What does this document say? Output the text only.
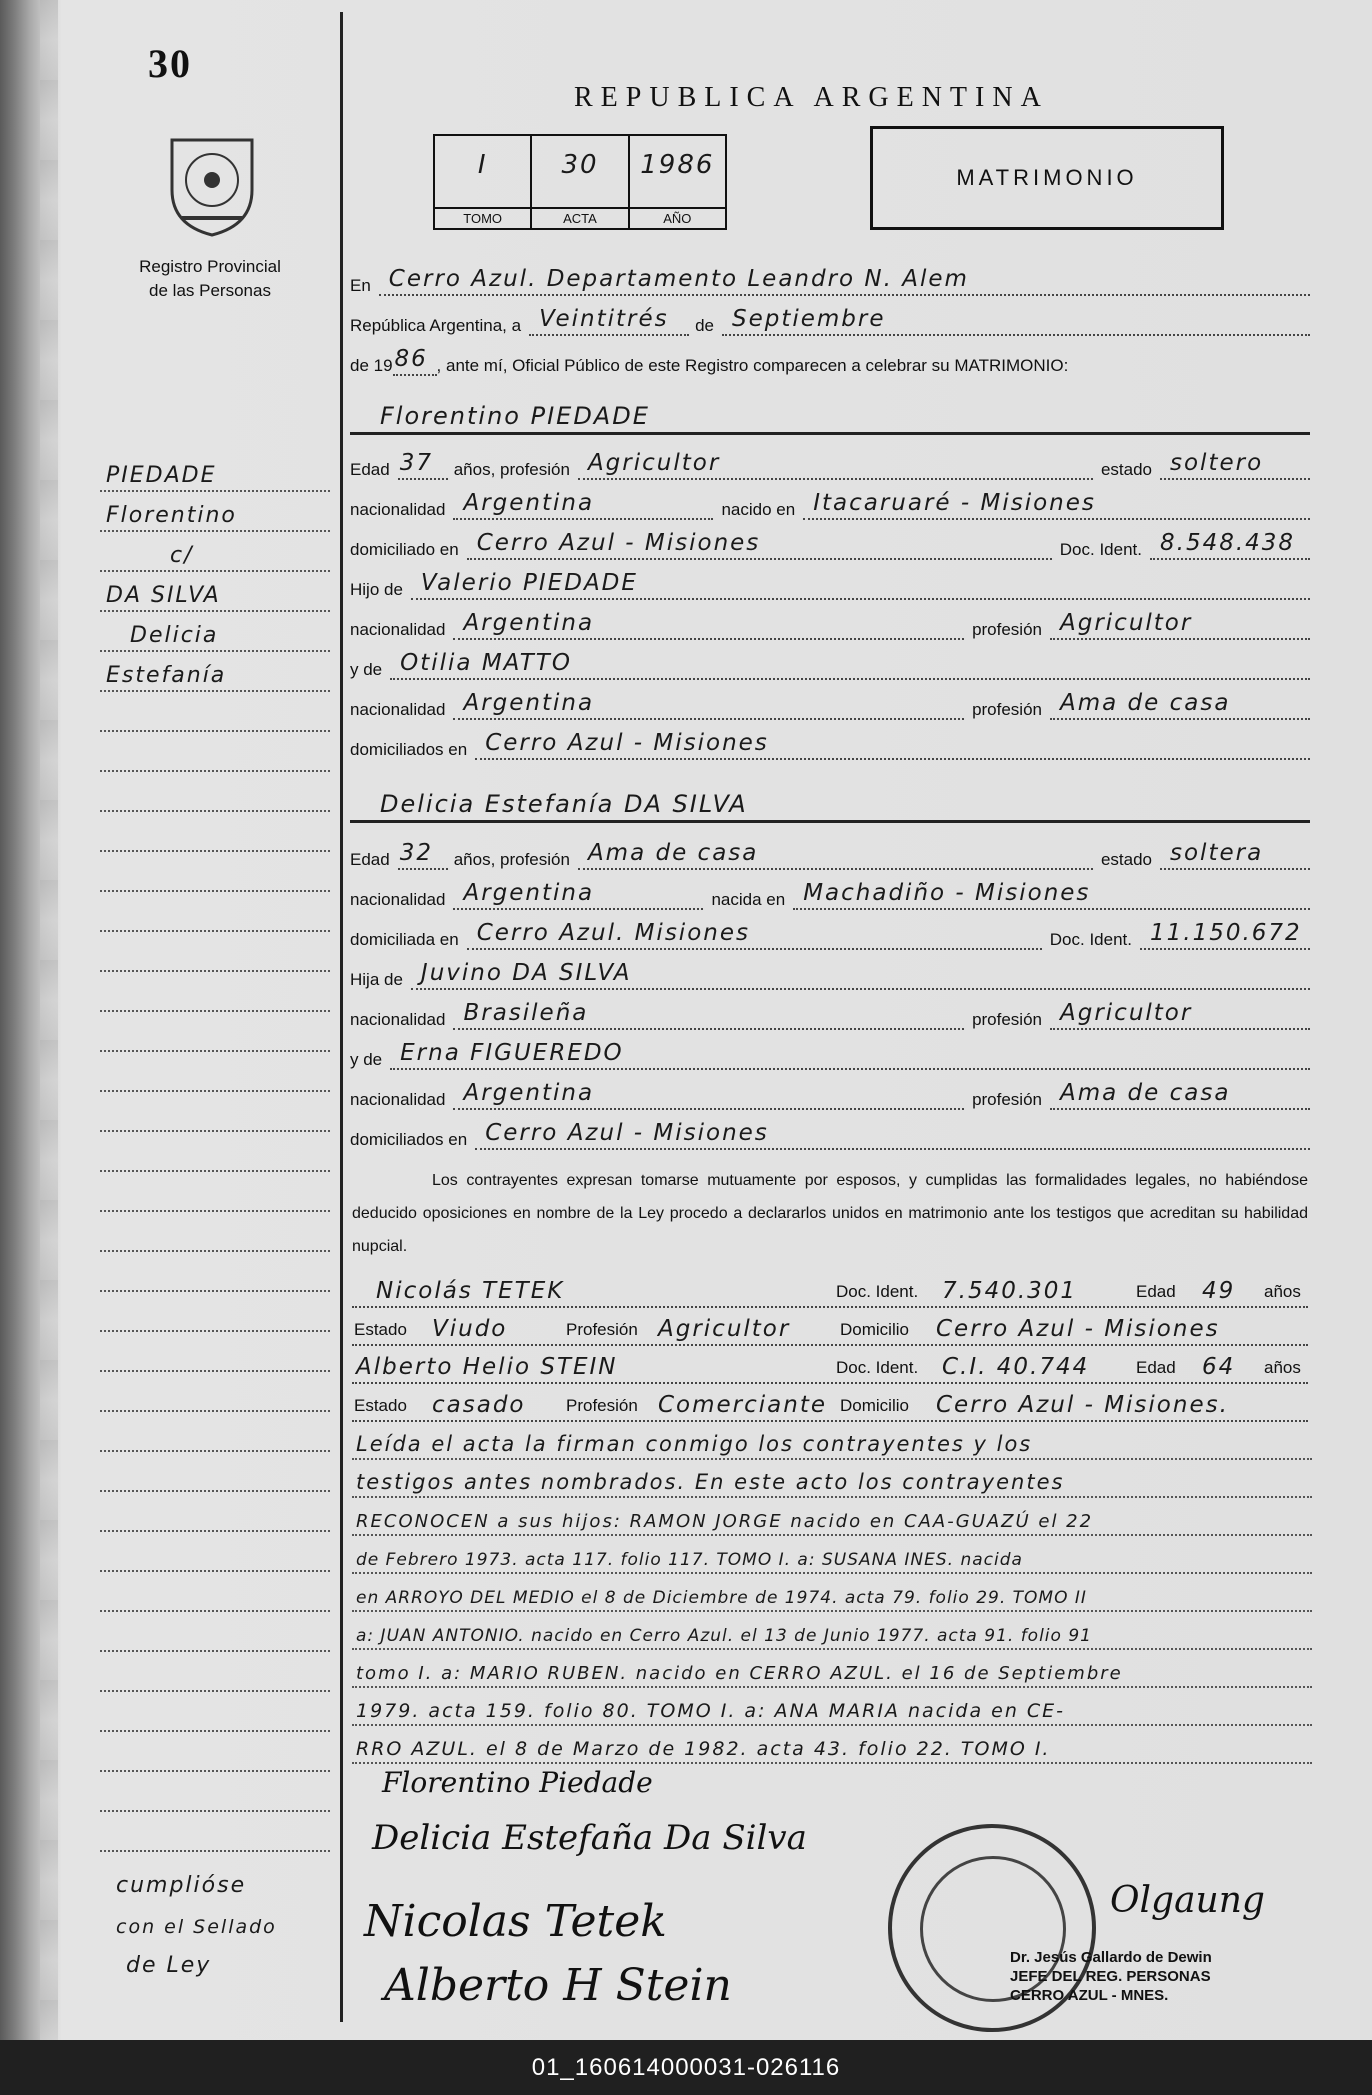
30
Registro Provincial
de las Personas
REPUBLICA ARGENTINA
I
TOMO
30
ACTA
1986
AÑO
MATRIMONIO
En Cerro Azul. Departamento Leandro N. Alem
República Argentina, a Veintitrés de Septiembre
de 19 86 , ante mí, Oficial Público de este Registro comparecen a celebrar su MATRIMONIO:
Florentino PIEDADE
Edad 37 años, profesión Agricultor	estado soltero
nacionalidad Argentina	nacido en Itacaruaré - Misiones
domiciliado en Cerro Azul - Misiones	Doc. Ident. 8.548.438
Hijo de Valerio PIEDADE
nacionalidad Argentina	profesión Agricultor
y de Otilia MATTO
nacionalidad Argentina	profesión Ama de casa
domiciliados en Cerro Azul - Misiones
Delicia Estefanía DA SILVA
Edad 32 años, profesión Ama de casa	estado soltera
nacionalidad Argentina	nacida en Machadiño - Misiones
domiciliada en Cerro Azul. Misiones	Doc. Ident. 11.150.672
Hija de Juvino DA SILVA
nacionalidad Brasileña	profesión Agricultor
y de Erna FIGUEREDO
nacionalidad Argentina	profesión Ama de casa
domiciliados en Cerro Azul - Misiones
Los contrayentes expresan tomarse mutuamente por esposos, y cumplidas las formalidades legales, no habiéndose deducido oposiciones en nombre de la Ley procedo a declararlos unidos en matrimonio ante los testigos que acreditan su habilidad nupcial.
Nicolás TETEK	Doc. Ident. 7.540.301	Edad 49 años
Estado Viudo	Profesión Agricultor	Domicilio Cerro Azul - Misiones
Alberto Helio STEIN	Doc. Ident. C.I. 40.744	Edad 64 años
Estado casado Profesión Comerciante Domicilio Cerro Azul - Misiones.
Leída el acta la firman conmigo los contrayentes y los
testigos antes nombrados. En este acto los contrayentes
RECONOCEN a sus hijos: RAMON JORGE nacido en CAA-GUAZÚ el 22
de Febrero 1973. acta 117. folio 117. TOMO I. a: SUSANA INES. nacida
en ARROYO DEL MEDIO el 8 de Diciembre de 1974. acta 79. folio 29. TOMO II
a: JUAN ANTONIO. nacido en Cerro Azul. el 13 de Junio 1977. acta 91. folio 91
tomo I. a: MARIO RUBEN. nacido en CERRO AZUL. el 16 de Septiembre
1979. acta 159. folio 80. TOMO I. a: ANA MARIA nacida en CE-
RRO AZUL. el 8 de Marzo de 1982. acta 43. folio 22. TOMO I.
Florentino Piedade
Delicia Estefaña Da Silva
Nicolas Tetek
Alberto H Stein
Olgaung
Dr. Jesús Gallardo de Dewin
JEFE DEL REG. PERSONAS
CERRO AZUL - MNES.
PIEDADE
Florentino
c/
DA SILVA
Delicia
Estefanía
cumplióse
con el Sellado
de Ley
01_160614000031-026116
